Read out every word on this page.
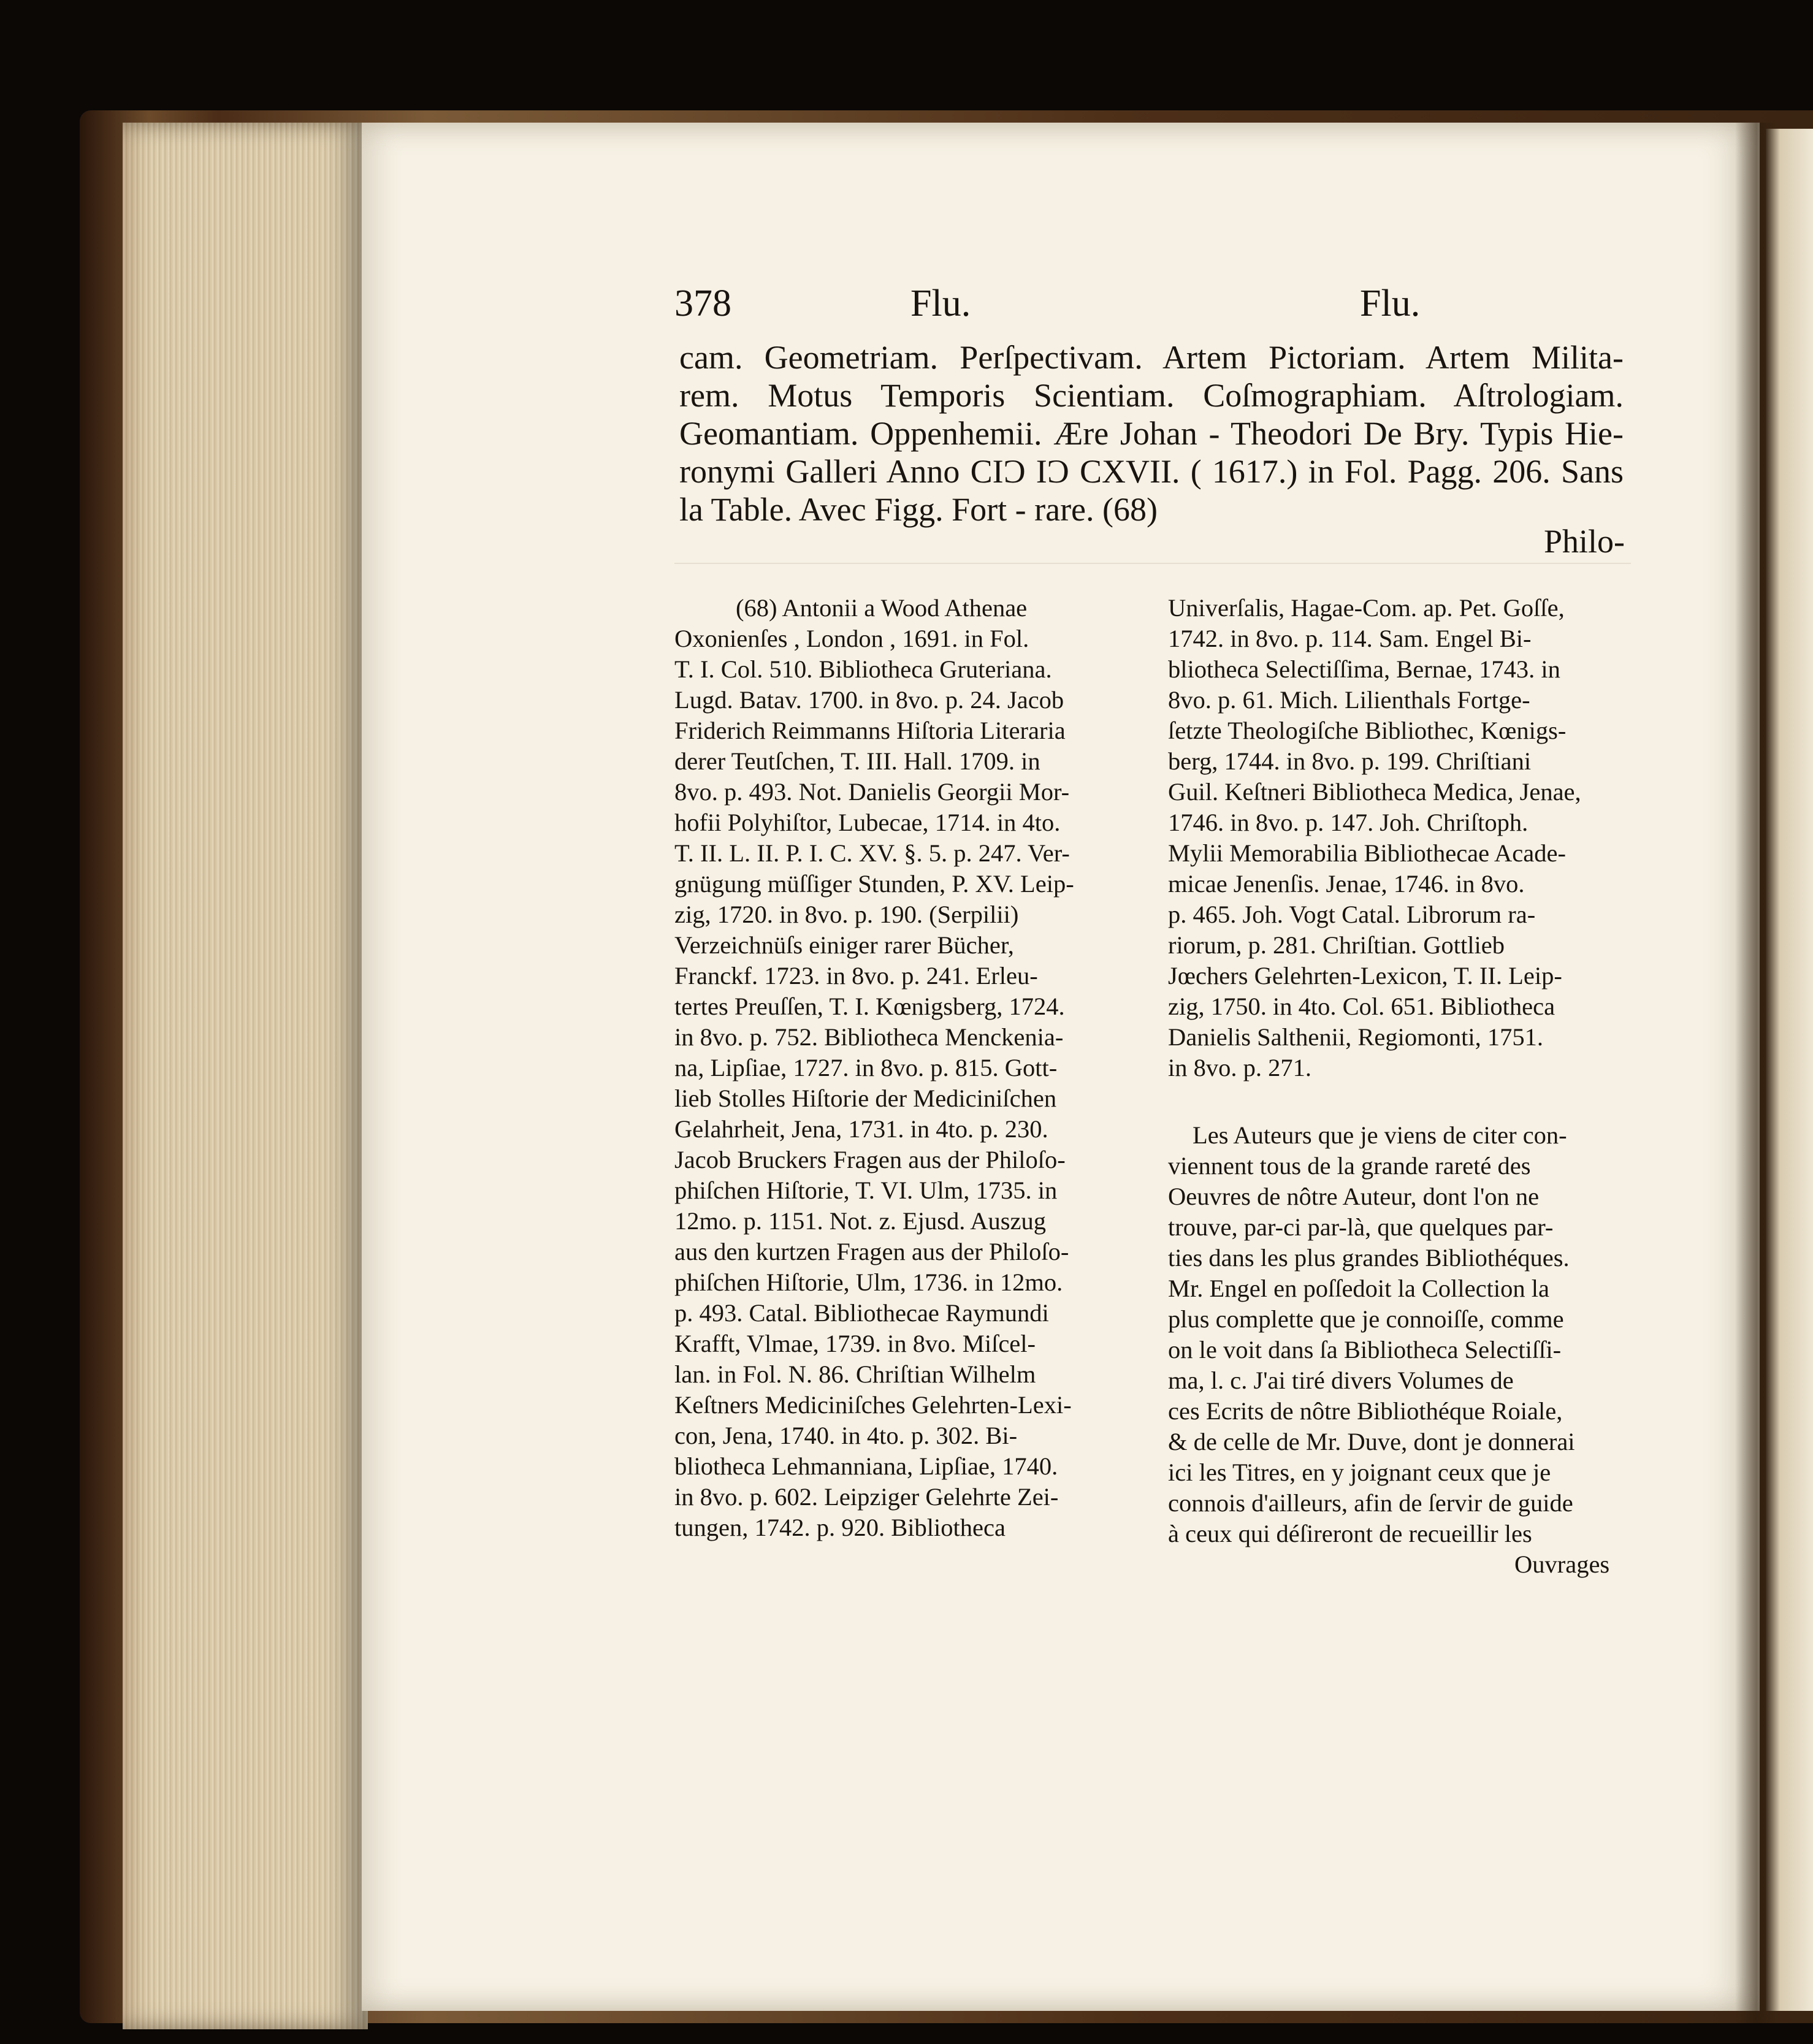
378	Flu.	Flu.
cam. Geometriam. Perſpectivam. Artem Pictoriam. Artem Milita-
rem. Motus Temporis Scientiam. Coſmographiam. Aſtrologiam.
Geomantiam. Oppenhemii. Ære Johan - Theodori De Bry. Typis Hie-
ronymi Galleri Anno CIƆ IƆ CXVII. ( 1617.) in Fol. Pagg. 206. Sans
la Table. Avec Figg. Fort - rare. (68)
Philo-
(68) Antonii a Wood Athenae
Oxonienſes , London , 1691. in Fol.
T. I. Col. 510. Bibliotheca Gruteriana.
Lugd. Batav. 1700. in 8vo. p. 24. Jacob
Friderich Reimmanns Hiſtoria Literaria
derer Teutſchen, T. III. Hall. 1709. in
8vo. p. 493. Not. Danielis Georgii Mor-
hofii Polyhiſtor, Lubecae, 1714. in 4to.
T. II. L. II. P. I. C. XV. §. 5. p. 247. Ver-
gnügung müſſiger Stunden, P. XV. Leip-
zig, 1720. in 8vo. p. 190. (Serpilii)
Verzeichnüſs einiger rarer Bücher,
Franckf. 1723. in 8vo. p. 241. Erleu-
tertes Preuſſen, T. I. Kœnigsberg, 1724.
in 8vo. p. 752. Bibliotheca Menckenia-
na, Lipſiae, 1727. in 8vo. p. 815. Gott-
lieb Stolles Hiſtorie der Mediciniſchen
Gelahrheit, Jena, 1731. in 4to. p. 230.
Jacob Bruckers Fragen aus der Philoſo-
phiſchen Hiſtorie, T. VI. Ulm, 1735. in
12mo. p. 1151. Not. z. Ejusd. Auszug
aus den kurtzen Fragen aus der Philoſo-
phiſchen Hiſtorie, Ulm, 1736. in 12mo.
p. 493. Catal. Bibliothecae Raymundi
Krafft, Vlmae, 1739. in 8vo. Miſcel-
lan. in Fol. N. 86. Chriſtian Wilhelm
Keſtners Mediciniſches Gelehrten-Lexi-
con, Jena, 1740. in 4to. p. 302. Bi-
bliotheca Lehmanniana, Lipſiae, 1740.
in 8vo. p. 602. Leipziger Gelehrte Zei-
tungen, 1742. p. 920. Bibliotheca
Univerſalis, Hagae-Com. ap. Pet. Goſſe,
1742. in 8vo. p. 114. Sam. Engel Bi-
bliotheca Selectiſſima, Bernae, 1743. in
8vo. p. 61. Mich. Lilienthals Fortge-
ſetzte Theologiſche Bibliothec, Kœnigs-
berg, 1744. in 8vo. p. 199. Chriſtiani
Guil. Keſtneri Bibliotheca Medica, Jenae,
1746. in 8vo. p. 147. Joh. Chriſtoph.
Mylii Memorabilia Bibliothecae Acade-
micae Jenenſis. Jenae, 1746. in 8vo.
p. 465. Joh. Vogt Catal. Librorum ra-
riorum, p. 281. Chriſtian. Gottlieb
Jœchers Gelehrten-Lexicon, T. II. Leip-
zig, 1750. in 4to. Col. 651. Bibliotheca
Danielis Salthenii, Regiomonti, 1751.
in 8vo. p. 271.
Les Auteurs que je viens de citer con-
viennent tous de la grande rareté des
Oeuvres de nôtre Auteur, dont l'on ne
trouve, par-ci par-là, que quelques par-
ties dans les plus grandes Bibliothéques.
Mr. Engel en poſſedoit la Collection la
plus complette que je connoiſſe, comme
on le voit dans ſa Bibliotheca Selectiſſi-
ma, l. c. J'ai tiré divers Volumes de
ces Ecrits de nôtre Bibliothéque Roiale,
& de celle de Mr. Duve, dont je donnerai
ici les Titres, en y joignant ceux que je
connois d'ailleurs, afin de ſervir de guide
à ceux qui déſireront de recueillir les
Ouvrages
